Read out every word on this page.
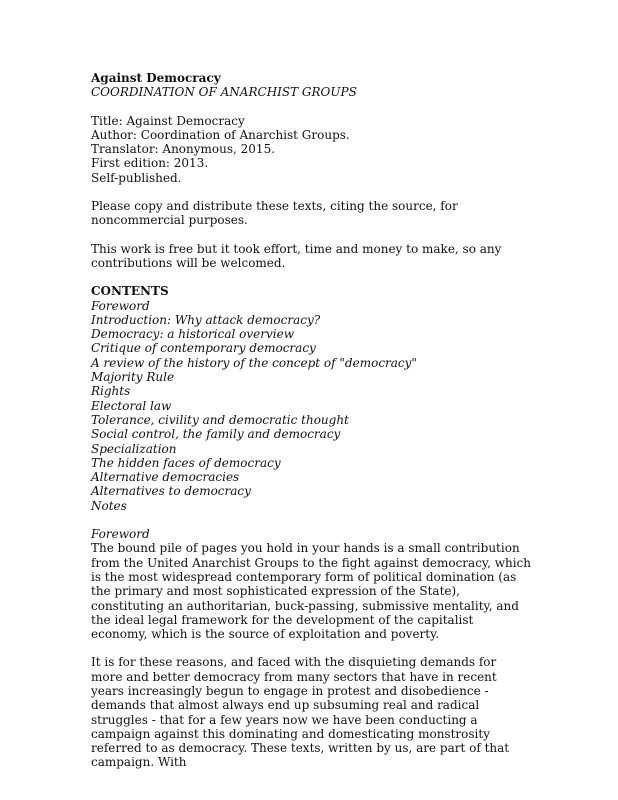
Against Democracy
COORDINATION OF ANARCHIST GROUPS
Title: Against Democracy
Author: Coordination of Anarchist Groups.
Translator: Anonymous, 2015.
First edition: 2013.
Self-published.

Please copy and distribute these texts, citing the source, for noncommercial purposes.

This work is free but it took effort, time and money to make, so any contributions will be welcomed.

CONTENTS
Foreword
Introduction: Why attack democracy?
Democracy: a historical overview
Critique of contemporary democracy
A review of the history of the concept of "democracy"
Majority Rule
Rights
Electoral law
Tolerance, civility and democratic thought
Social control, the family and democracy
Specialization
The hidden faces of democracy
Alternative democracies
Alternatives to democracy
Notes
Foreword

The bound pile of pages you hold in your hands is a small contribution from the United Anarchist Groups to the fight against democracy, which is the most widespread contemporary form of political domination (as the primary and most sophisticated expression of the State), constituting an authoritarian, buck-passing, submissive mentality, and the ideal legal framework for the development of the capitalist economy, which is the source of exploitation and poverty.

It is for these reasons, and faced with the disquieting demands for more and better democracy from many sectors that have in recent years increasingly begun to engage in protest and disobedience - demands that almost always end up subsuming real and radical struggles - that for a few years now we have been conducting a campaign against this dominating and domesticating monstrosity referred to as democracy. These texts, written by us, are part of that campaign. With
